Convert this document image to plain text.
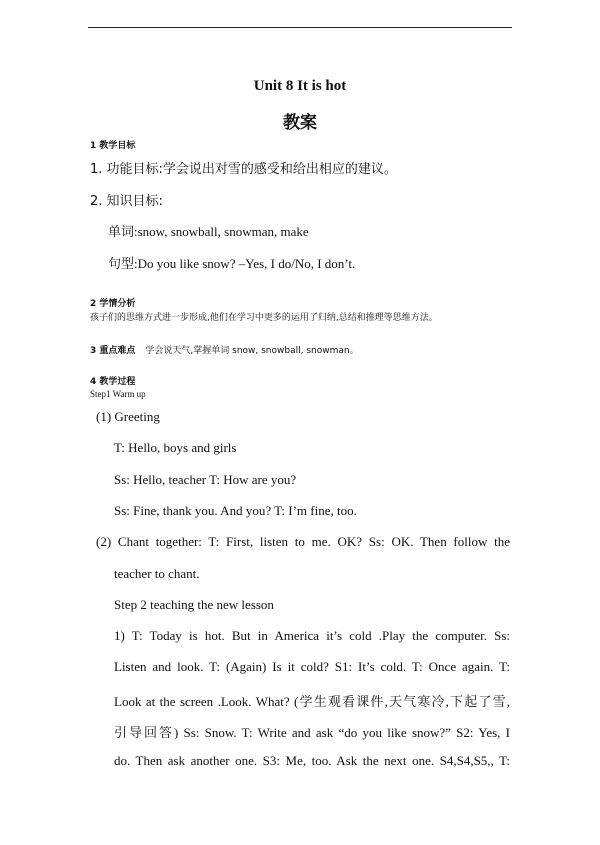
Unit 8 It is hot
教案
1 教学目标
1. 功能目标:学会说出对雪的感受和给出相应的建议。
2. 知识目标:
单词:snow, snowball, snowman, make
句型:Do you like snow? –Yes, I do/No, I don’t.
2 学情分析
孩子们的思维方式进一步形成,他们在学习中更多的运用了归纳,总结和推理等思维方法。
3 重点难点 学会说天气,掌握单词 snow, snowball, snowman。
4 教学过程
Step1 Warm up
(1) Greeting
T: Hello, boys and girls
Ss: Hello, teacher T: How are you?
Ss: Fine, thank you. And you? T: I’m fine, too.
(2) Chant together: T: First, listen to me. OK? Ss: OK. Then follow the
teacher to chant.
Step 2 teaching the new lesson
1) T: Today is hot. But in America it’s cold .Play the computer. Ss:
Listen and look. T: (Again) Is it cold? S1: It’s cold. T: Once again. T:
Look at the screen .Look. What? (学生观看课件,天气寒冷,下起了雪,
引导回答) Ss: Snow. T: Write and ask “do you like snow?” S2: Yes, I
do. Then ask another one. S3: Me, too. Ask the next one. S4,S4,S5,, T:
